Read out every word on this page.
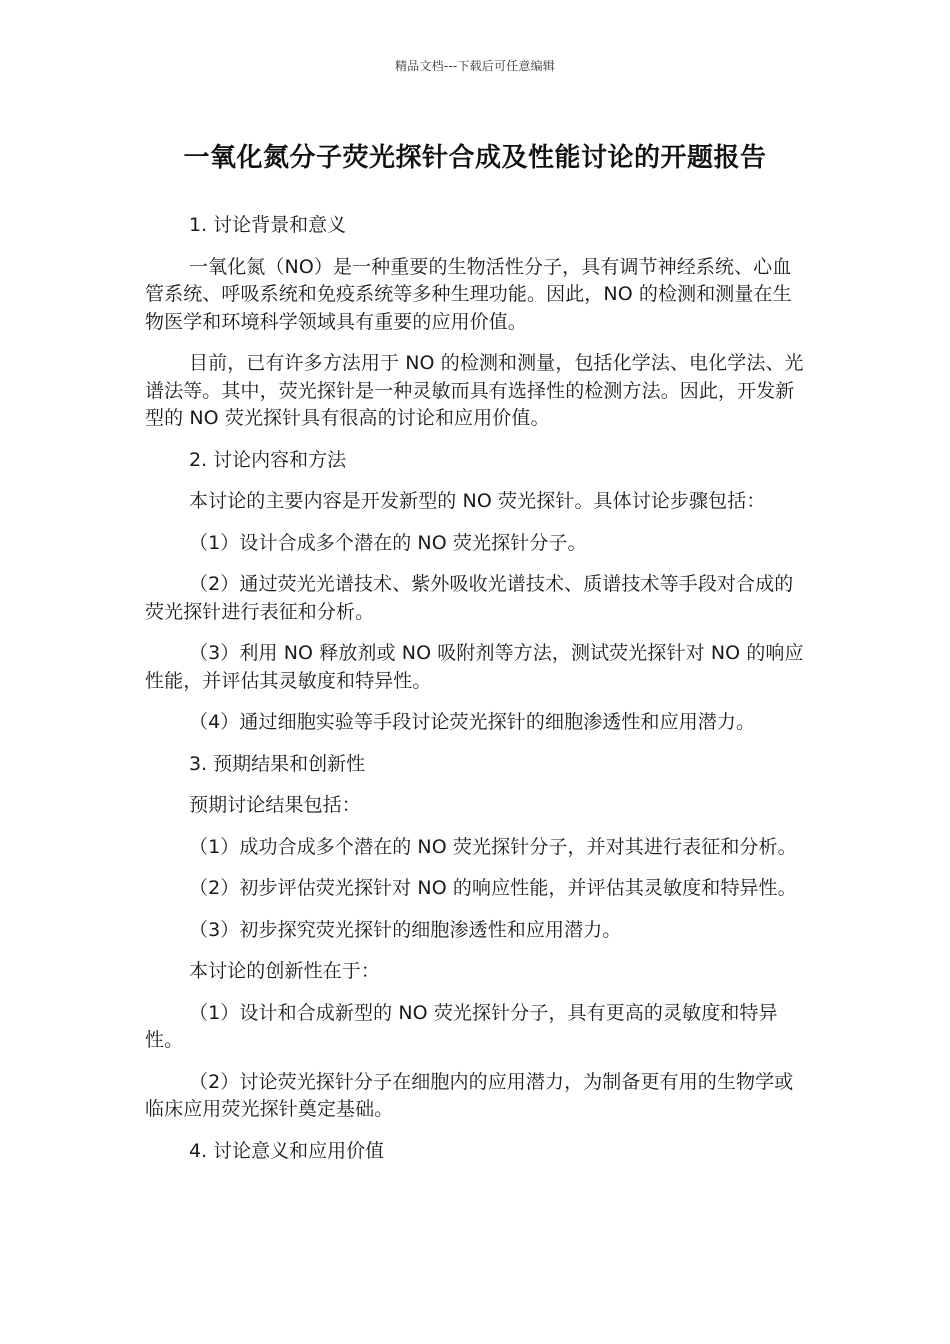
精品文档---下载后可任意编辑
一氧化氮分子荧光探针合成及性能讨论的开题报告

1. 讨论背景和意义

一氧化氮（NO）是一种重要的生物活性分子，具有调节神经系统、心血管系统、呼吸系统和免疫系统等多种生理功能。因此，NO 的检测和测量在生物医学和环境科学领域具有重要的应用价值。

目前，已有许多方法用于 NO 的检测和测量，包括化学法、电化学法、光谱法等。其中，荧光探针是一种灵敏而具有选择性的检测方法。因此，开发新型的 NO 荧光探针具有很高的讨论和应用价值。

2. 讨论内容和方法

本讨论的主要内容是开发新型的 NO 荧光探针。具体讨论步骤包括：

（1）设计合成多个潜在的 NO 荧光探针分子。

（2）通过荧光光谱技术、紫外吸收光谱技术、质谱技术等手段对合成的荧光探针进行表征和分析。

（3）利用 NO 释放剂或 NO 吸附剂等方法，测试荧光探针对 NO 的响应性能，并评估其灵敏度和特异性。

（4）通过细胞实验等手段讨论荧光探针的细胞渗透性和应用潜力。

3. 预期结果和创新性

预期讨论结果包括：

（1）成功合成多个潜在的 NO 荧光探针分子，并对其进行表征和分析。

（2）初步评估荧光探针对 NO 的响应性能，并评估其灵敏度和特异性。

（3）初步探究荧光探针的细胞渗透性和应用潜力。

本讨论的创新性在于：

（1）设计和合成新型的 NO 荧光探针分子，具有更高的灵敏度和特异性。

（2）讨论荧光探针分子在细胞内的应用潜力，为制备更有用的生物学或临床应用荧光探针奠定基础。

4. 讨论意义和应用价值
